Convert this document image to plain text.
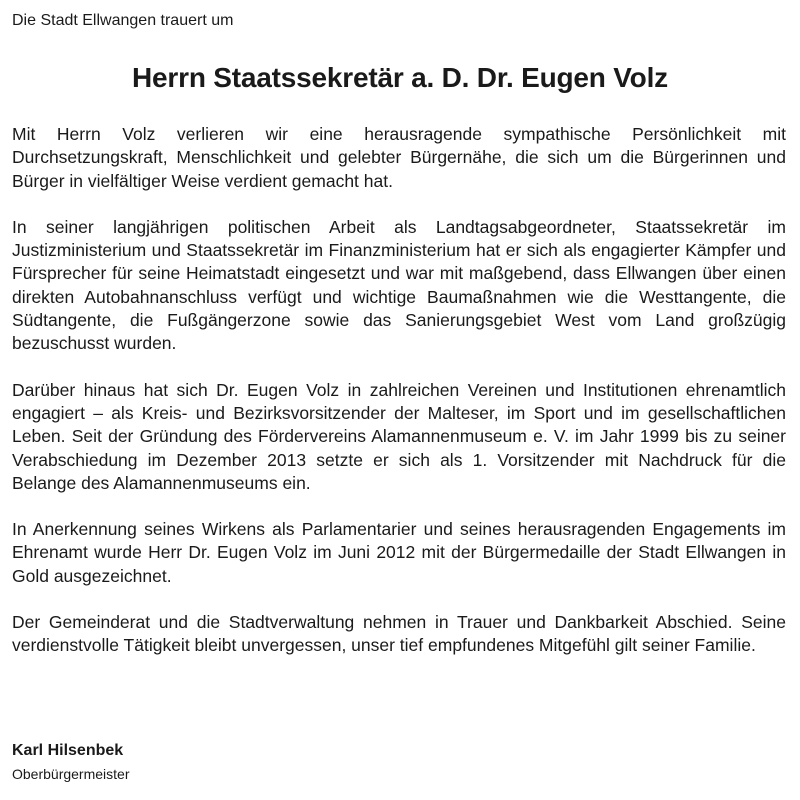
Die Stadt Ellwangen trauert um

Herrn Staatssekretär a. D. Dr. Eugen Volz

Mit Herrn Volz verlieren wir eine herausragende sympathische Persönlichkeit mit Durchsetzungskraft, Menschlichkeit und gelebter Bürgernähe, die sich um die Bürgerinnen und Bürger in vielfältiger Weise verdient gemacht hat.

In seiner langjährigen politischen Arbeit als Landtagsabgeordneter, Staatssekretär im Justizministerium und Staatssekretär im Finanzministerium hat er sich als engagierter Kämpfer und Fürsprecher für seine Heimatstadt eingesetzt und war mit maßgebend, dass Ellwangen über einen direkten Autobahnanschluss verfügt und wichtige Baumaßnahmen wie die Westtangente, die Südtangente, die Fußgängerzone sowie das Sanierungsgebiet West vom Land großzügig bezuschusst wurden.

Darüber hinaus hat sich Dr. Eugen Volz in zahlreichen Vereinen und Institutionen ehrenamtlich engagiert – als Kreis- und Bezirksvorsitzender der Malteser, im Sport und im gesellschaftlichen Leben. Seit der Gründung des Fördervereins Alamannenmuseum e. V. im Jahr 1999 bis zu seiner Verabschiedung im Dezember 2013 setzte er sich als 1. Vorsitzender mit Nachdruck für die Belange des Alamannenmuseums ein.

In Anerkennung seines Wirkens als Parlamentarier und seines herausragenden Engagements im Ehrenamt wurde Herr Dr. Eugen Volz im Juni 2012 mit der Bürgermedaille der Stadt Ellwangen in Gold ausgezeichnet.

Der Gemeinderat und die Stadtverwaltung nehmen in Trauer und Dankbarkeit Abschied. Seine verdienstvolle Tätigkeit bleibt unvergessen, unser tief empfundenes Mitgefühl gilt seiner Familie.

Karl Hilsenbek

Oberbürgermeister
